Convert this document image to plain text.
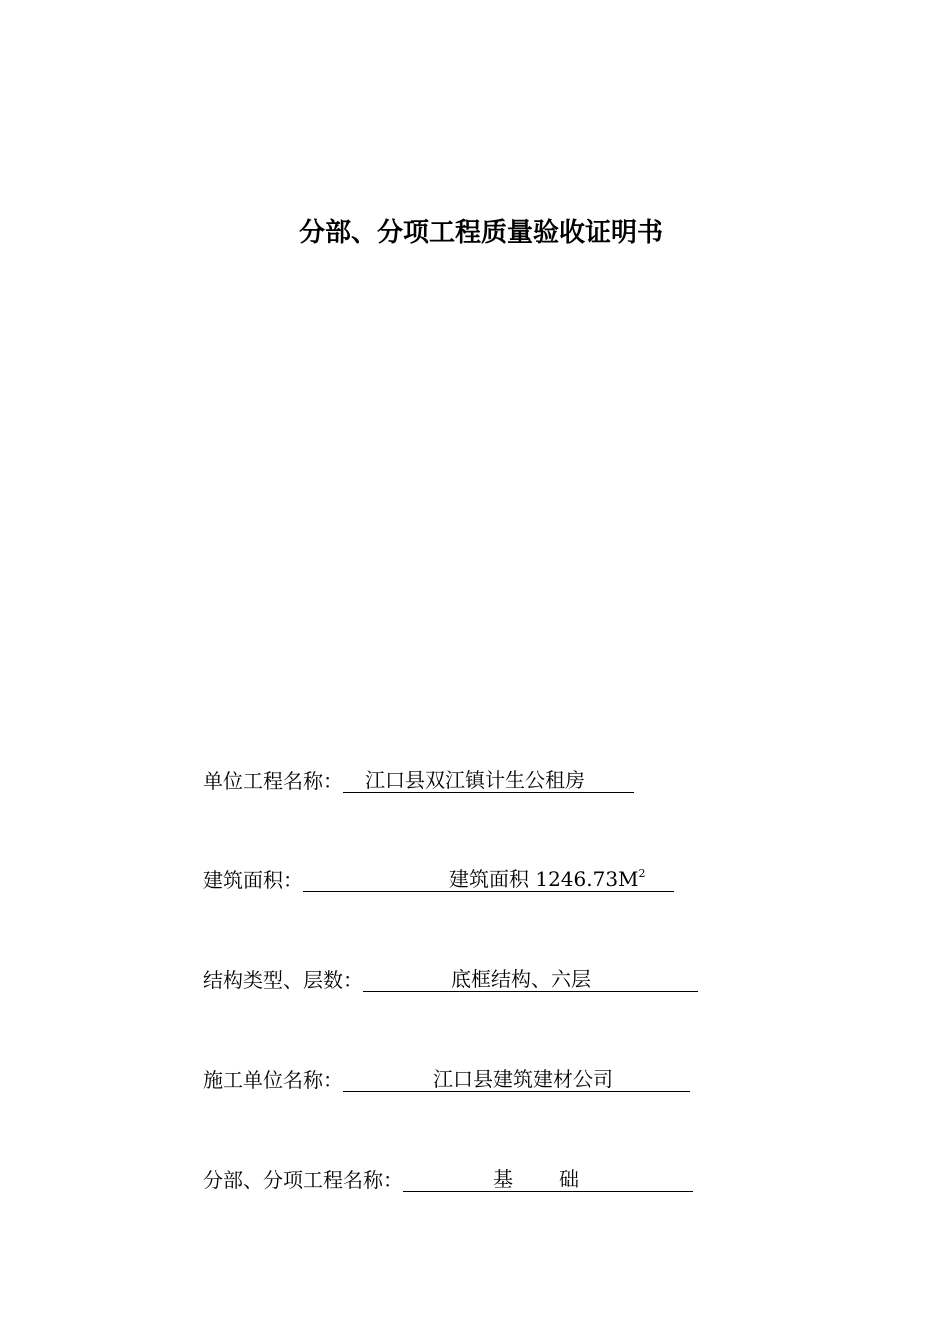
分部、分项工程质量验收证明书
单位工程名称：	江口县双江镇计生公租房
建筑面积：	建筑面积 $1246.73M^2$
结构类型、层数：	底框结构、六层
施工单位名称：	江口县建筑建材公司
分部、分项工程名称：	基 础
